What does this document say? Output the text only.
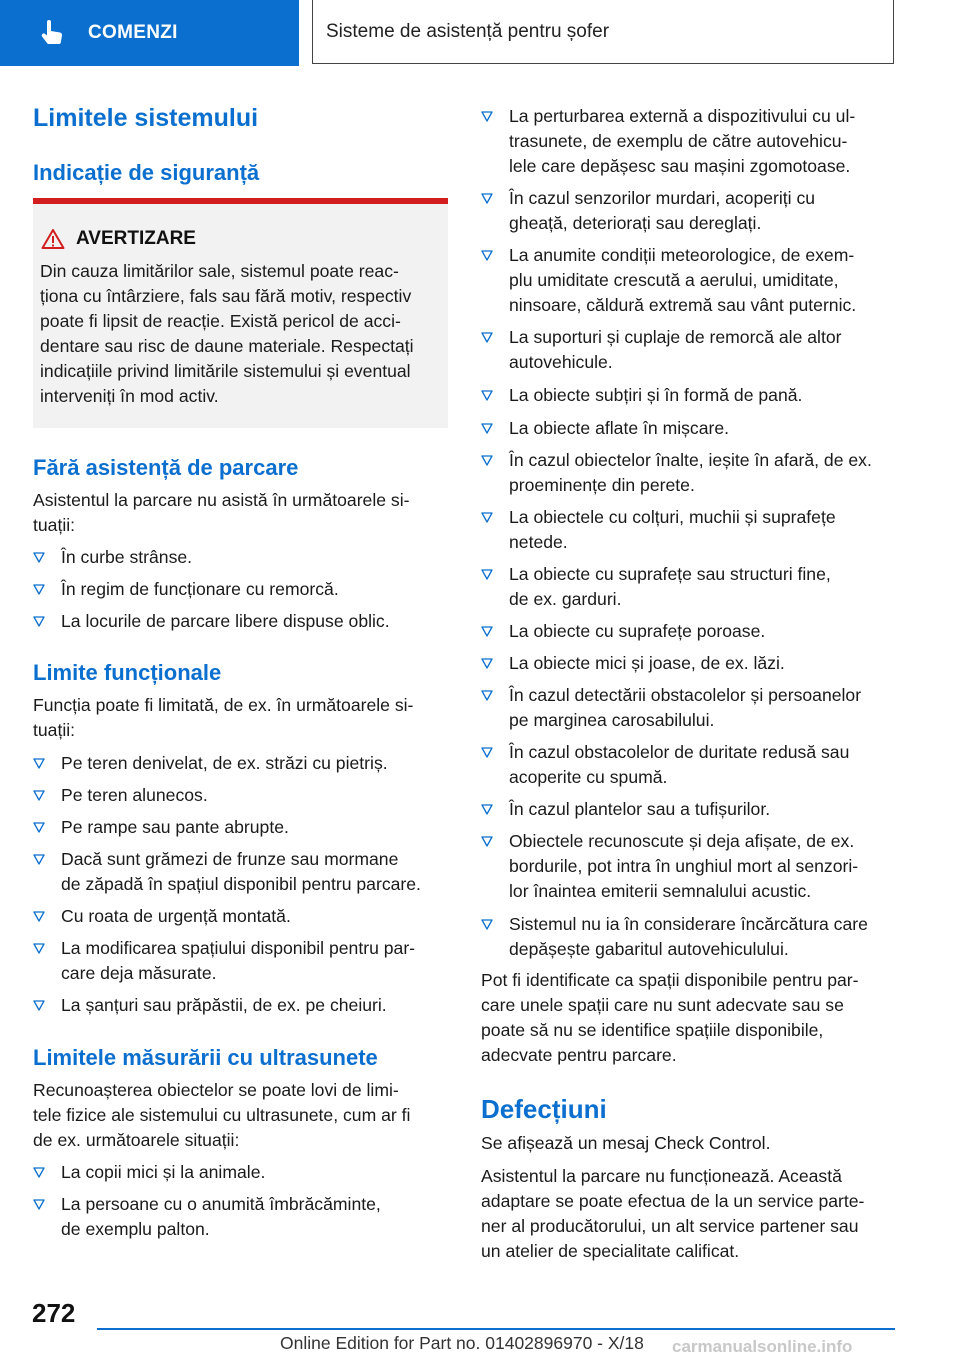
COMENZI	Sisteme de asistență pentru șofer
Limitele sistemului
Indicație de siguranță
AVERTIZARE
Din cauza limitărilor sale, sistemul poate reac-
ționa cu întârziere, fals sau fără motiv, respectiv
poate fi lipsit de reacție. Există pericol de acci-
dentare sau risc de daune materiale. Respectați
indicațiile privind limitările sistemului și eventual
interveniți în mod activ.
Fără asistență de parcare

Asistentul la parcare nu asistă în următoarele si-
tuații:

În curbe strânse.
În regim de funcționare cu remorcă.
La locurile de parcare libere dispuse oblic.
Limite funcționale

Funcția poate fi limitată, de ex. în următoarele si-
tuații:

Pe teren denivelat, de ex. străzi cu pietriș.
Pe teren alunecos.
Pe rampe sau pante abrupte.
Dacă sunt grămezi de frunze sau mormane
de zăpadă în spațiul disponibil pentru parcare.
Cu roata de urgență montată.
La modificarea spațiului disponibil pentru par-
care deja măsurate.
La șanțuri sau prăpăstii, de ex. pe cheiuri.
Limitele măsurării cu ultrasunete

Recunoașterea obiectelor se poate lovi de limi-
tele fizice ale sistemului cu ultrasunete, cum ar fi
de ex. următoarele situații:

La copii mici și la animale.
La persoane cu o anumită îmbrăcăminte,
de exemplu palton.
La perturbarea externă a dispozitivului cu ul-
trasunete, de exemplu de către autovehicu-
lele care depășesc sau mașini zgomotoase.
În cazul senzorilor murdari, acoperiți cu
gheață, deteriorați sau dereglați.
La anumite condiții meteorologice, de exem-
plu umiditate crescută a aerului, umiditate,
ninsoare, căldură extremă sau vânt puternic.
La suporturi și cuplaje de remorcă ale altor
autovehicule.
La obiecte subțiri și în formă de pană.
La obiecte aflate în mișcare.
În cazul obiectelor înalte, ieșite în afară, de ex.
proeminențe din perete.
La obiectele cu colțuri, muchii și suprafețe
netede.
La obiecte cu suprafețe sau structuri fine,
de ex. garduri.
La obiecte cu suprafețe poroase.
La obiecte mici și joase, de ex. lăzi.
În cazul detectării obstacolelor și persoanelor
pe marginea carosabilului.
În cazul obstacolelor de duritate redusă sau
acoperite cu spumă.
În cazul plantelor sau a tufișurilor.
Obiectele recunoscute și deja afișate, de ex.
bordurile, pot intra în unghiul mort al senzori-
lor înaintea emiterii semnalului acustic.
Sistemul nu ia în considerare încărcătura care
depășește gabaritul autovehiculului.

Pot fi identificate ca spații disponibile pentru par-
care unele spații care nu sunt adecvate sau se
poate să nu se identifice spațiile disponibile,
adecvate pentru parcare.

Defecțiuni

Se afișează un mesaj Check Control.

Asistentul la parcare nu funcționează. Această
adaptare se poate efectua de la un service parte-
ner al producătorului, un alt service partener sau
un atelier de specialitate calificat.

272
Online Edition for Part no. 01402896970 - X/18 carmanualsonline.info
